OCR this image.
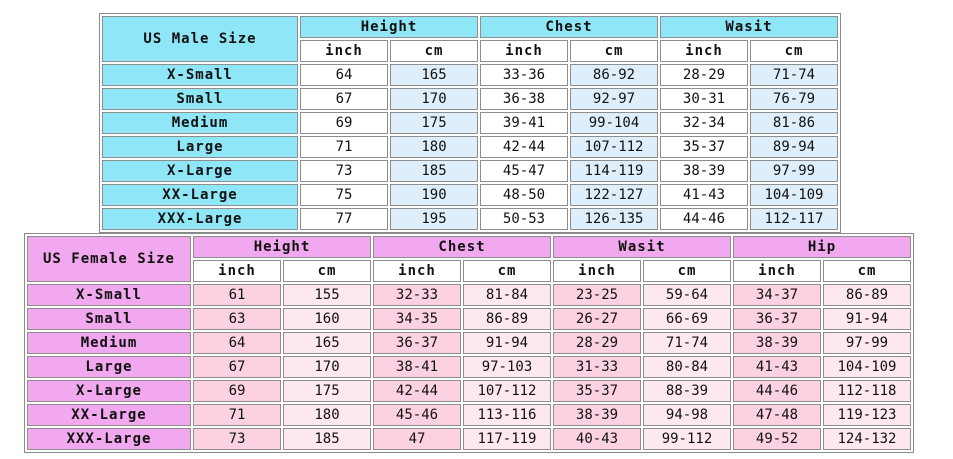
US Male Size	Height		Chest		Wasit	
	inch	cm	inch	cm	inch	cm
X-Small	64	165	33-36	86-92	28-29	71-74
Small	67	170	36-38	92-97	30-31	76-79
Medium	69	175	39-41	99-104	32-34	81-86
Large	71	180	42-44	107-112	35-37	89-94
X-Large	73	185	45-47	114-119	38-39	97-99
XX-Large	75	190	48-50	122-127	41-43	104-109
XXX-Large	77	195	50-53	126-135	44-46	112-117
US Female Size	Height		Chest		Wasit		Hip	
	inch	cm	inch	cm	inch	cm	inch	cm
X-Small	61	155	32-33	81-84	23-25	59-64	34-37	86-89
Small	63	160	34-35	86-89	26-27	66-69	36-37	91-94
Medium	64	165	36-37	91-94	28-29	71-74	38-39	97-99
Large	67	170	38-41	97-103	31-33	80-84	41-43	104-109
X-Large	69	175	42-44	107-112	35-37	88-39	44-46	112-118
XX-Large	71	180	45-46	113-116	38-39	94-98	47-48	119-123
XXX-Large	73	185	47	117-119	40-43	99-112	49-52	124-132
